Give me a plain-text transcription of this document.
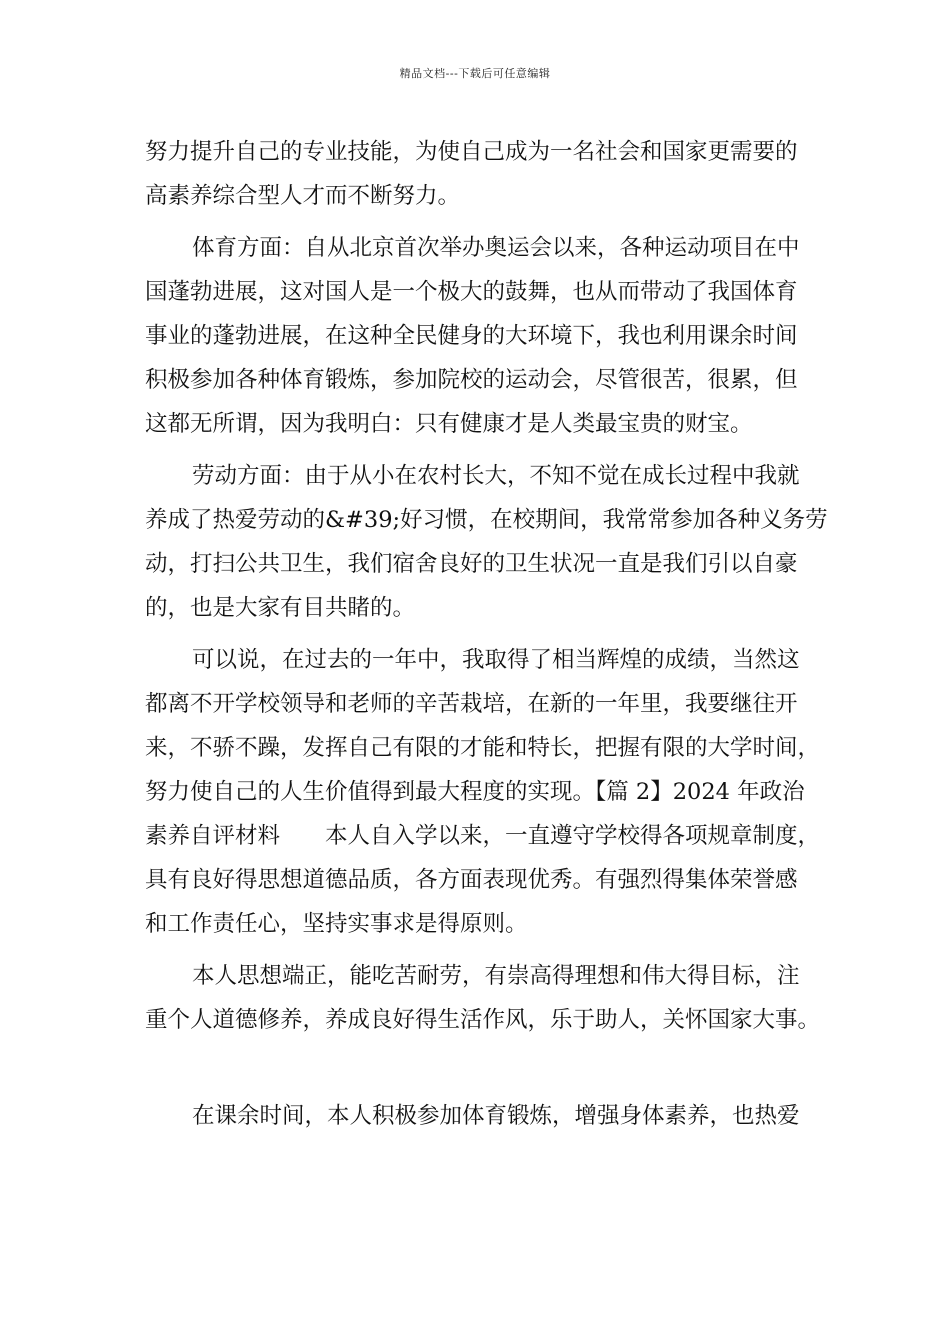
精品文档---下载后可任意编辑
努力提升自己的专业技能，为使自己成为一名社会和国家更需要的
高素养综合型人才而不断努力。
体育方面：自从北京首次举办奥运会以来，各种运动项目在中
国蓬勃进展，这对国人是一个极大的鼓舞，也从而带动了我国体育
事业的蓬勃进展，在这种全民健身的大环境下，我也利用课余时间
积极参加各种体育锻炼，参加院校的运动会，尽管很苦，很累，但
这都无所谓，因为我明白：只有健康才是人类最宝贵的财宝。
劳动方面：由于从小在农村长大，不知不觉在成长过程中我就
养成了热爱劳动的&#39;好习惯，在校期间，我常常参加各种义务劳
动，打扫公共卫生，我们宿舍良好的卫生状况一直是我们引以自豪
的，也是大家有目共睹的。
可以说，在过去的一年中，我取得了相当辉煌的成绩，当然这
都离不开学校领导和老师的辛苦栽培，在新的一年里，我要继往开
来，不骄不躁，发挥自己有限的才能和特长，把握有限的大学时间，
努力使自己的人生价值得到最大程度的实现。【篇 2】2024 年政治
素养自评材料　　本人自入学以来，一直遵守学校得各项规章制度，
具有良好得思想道德品质，各方面表现优秀。有强烈得集体荣誉感
和工作责任心，坚持实事求是得原则。
本人思想端正，能吃苦耐劳，有崇高得理想和伟大得目标，注
重个人道德修养，养成良好得生活作风，乐于助人，关怀国家大事。
在课余时间，本人积极参加体育锻炼，增强身体素养，也热爱
